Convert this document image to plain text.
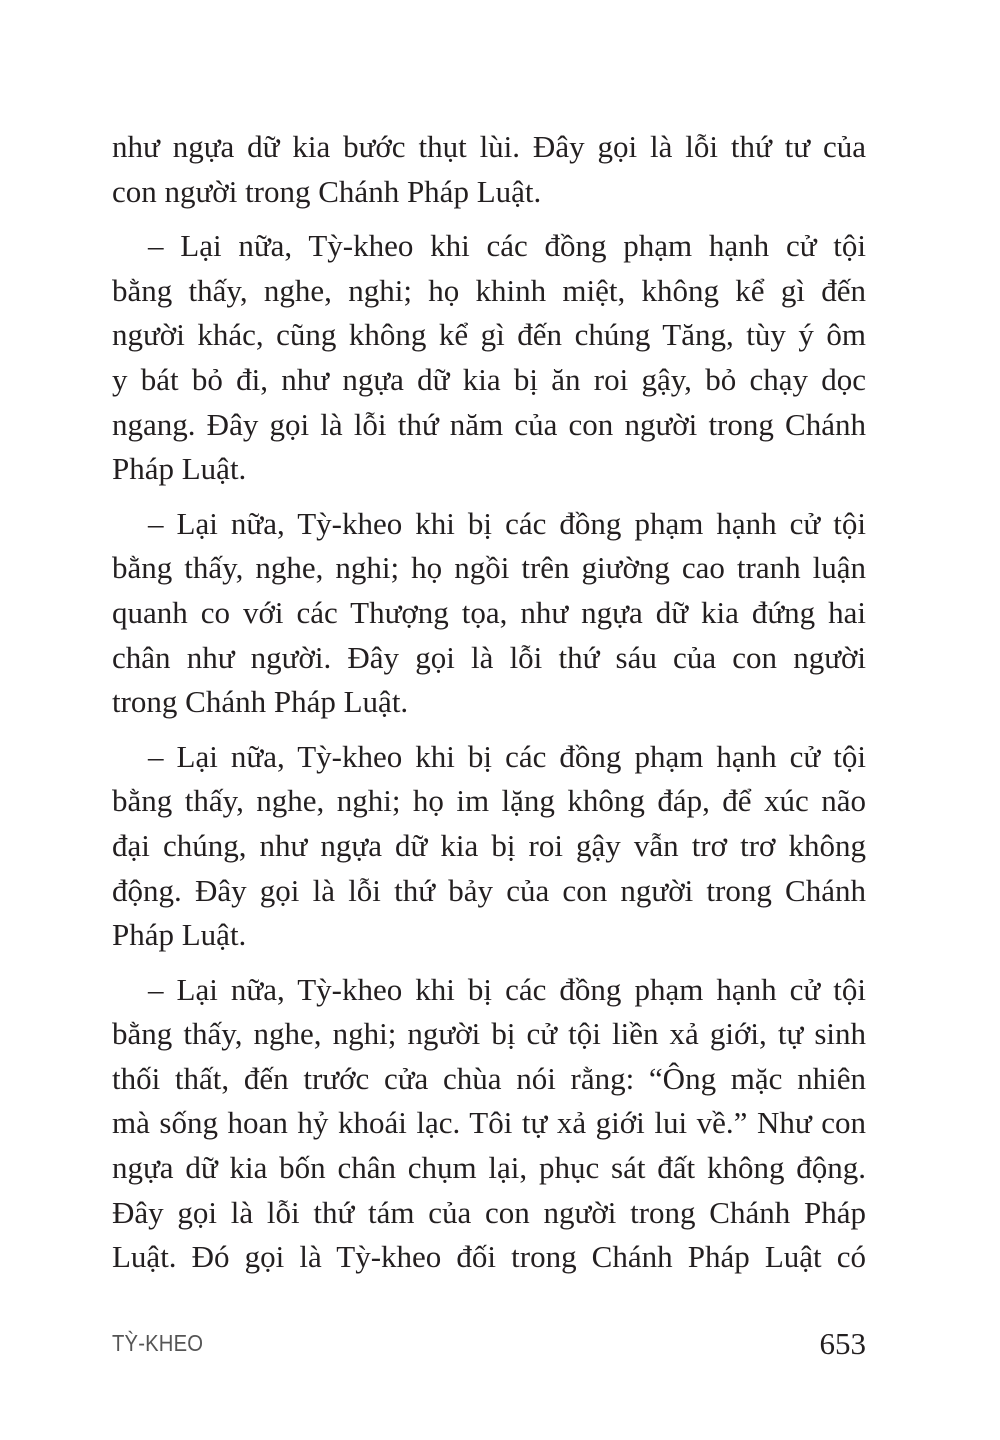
như ngựa dữ kia bước thụt lùi. Đây gọi là lỗi thứ tư của
con người trong Chánh Pháp Luật.
– Lại nữa, Tỳ-kheo khi các đồng phạm hạnh cử tội
bằng thấy, nghe, nghi; họ khinh miệt, không kể gì đến
người khác, cũng không kể gì đến chúng Tăng, tùy ý ôm
y bát bỏ đi, như ngựa dữ kia bị ăn roi gậy, bỏ chạy dọc
ngang. Đây gọi là lỗi thứ năm của con người trong Chánh
Pháp Luật.
– Lại nữa, Tỳ-kheo khi bị các đồng phạm hạnh cử tội
bằng thấy, nghe, nghi; họ ngồi trên giường cao tranh luận
quanh co với các Thượng tọa, như ngựa dữ kia đứng hai
chân như người. Đây gọi là lỗi thứ sáu của con người
trong Chánh Pháp Luật.
– Lại nữa, Tỳ-kheo khi bị các đồng phạm hạnh cử tội
bằng thấy, nghe, nghi; họ im lặng không đáp, để xúc não
đại chúng, như ngựa dữ kia bị roi gậy vẫn trơ trơ không
động. Đây gọi là lỗi thứ bảy của con người trong Chánh
Pháp Luật.
– Lại nữa, Tỳ-kheo khi bị các đồng phạm hạnh cử tội
bằng thấy, nghe, nghi; người bị cử tội liền xả giới, tự sinh
thối thất, đến trước cửa chùa nói rằng: “Ông mặc nhiên
mà sống hoan hỷ khoái lạc. Tôi tự xả giới lui về.” Như con
ngựa dữ kia bốn chân chụm lại, phục sát đất không động.
Đây gọi là lỗi thứ tám của con người trong Chánh Pháp
Luật. Đó gọi là Tỳ-kheo đối trong Chánh Pháp Luật có
TỲ-KHEO	653
